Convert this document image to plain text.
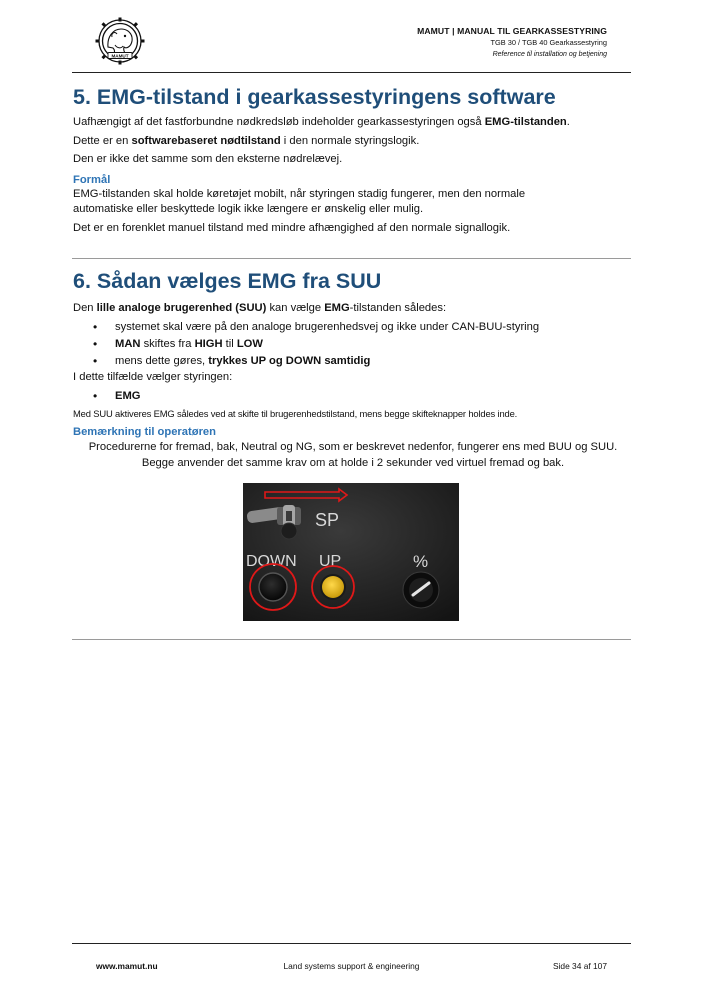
MAMUT
MAMUT | MANUAL TIL GEARKASSESTYRING
TGB 30 / TGB 40 Gearkassestyring
Reference til installation og betjening
5. EMG-tilstand i gearkassestyringens software

Uafhængigt af det fastforbundne nødkredsløb indeholder gearkassestyringen også EMG-tilstanden.

Dette er en softwarebaseret nødtilstand i den normale styringslogik.

Den er ikke det samme som den eksterne nødrelævej.

Formål

EMG-tilstanden skal holde køretøjet mobilt, når styringen stadig fungerer, men den normale automatiske eller beskyttede logik ikke længere er ønskelig eller mulig.

Det er en forenklet manuel tilstand med mindre afhængighed af den normale signallogik.

6. Sådan vælges EMG fra SUU

Den lille analoge brugerenhed (SUU) kan vælge EMG-tilstanden således:

• systemet skal være på den analoge brugerenhedsvej og ikke under CAN-BUU-styring
• MAN skiftes fra HIGH til LOW
• mens dette gøres, trykkes UP og DOWN samtidig

I dette tilfælde vælger styringen:

• EMG

Med SUU aktiveres EMG således ved at skifte til brugerenhedstilstand, mens begge skifteknapper holdes inde.

Bemærkning til operatøren

Procedurerne for fremad, bak, Neutral og NG, som er beskrevet nedenfor, fungerer ens med BUU og SUU. Begge anvender det samme krav om at holde i 2 sekunder ved virtuel fremad og bak.

SP
DOWN UP	%
www.mamut.nu	Land systems support & engineering	Side 34 af 107
